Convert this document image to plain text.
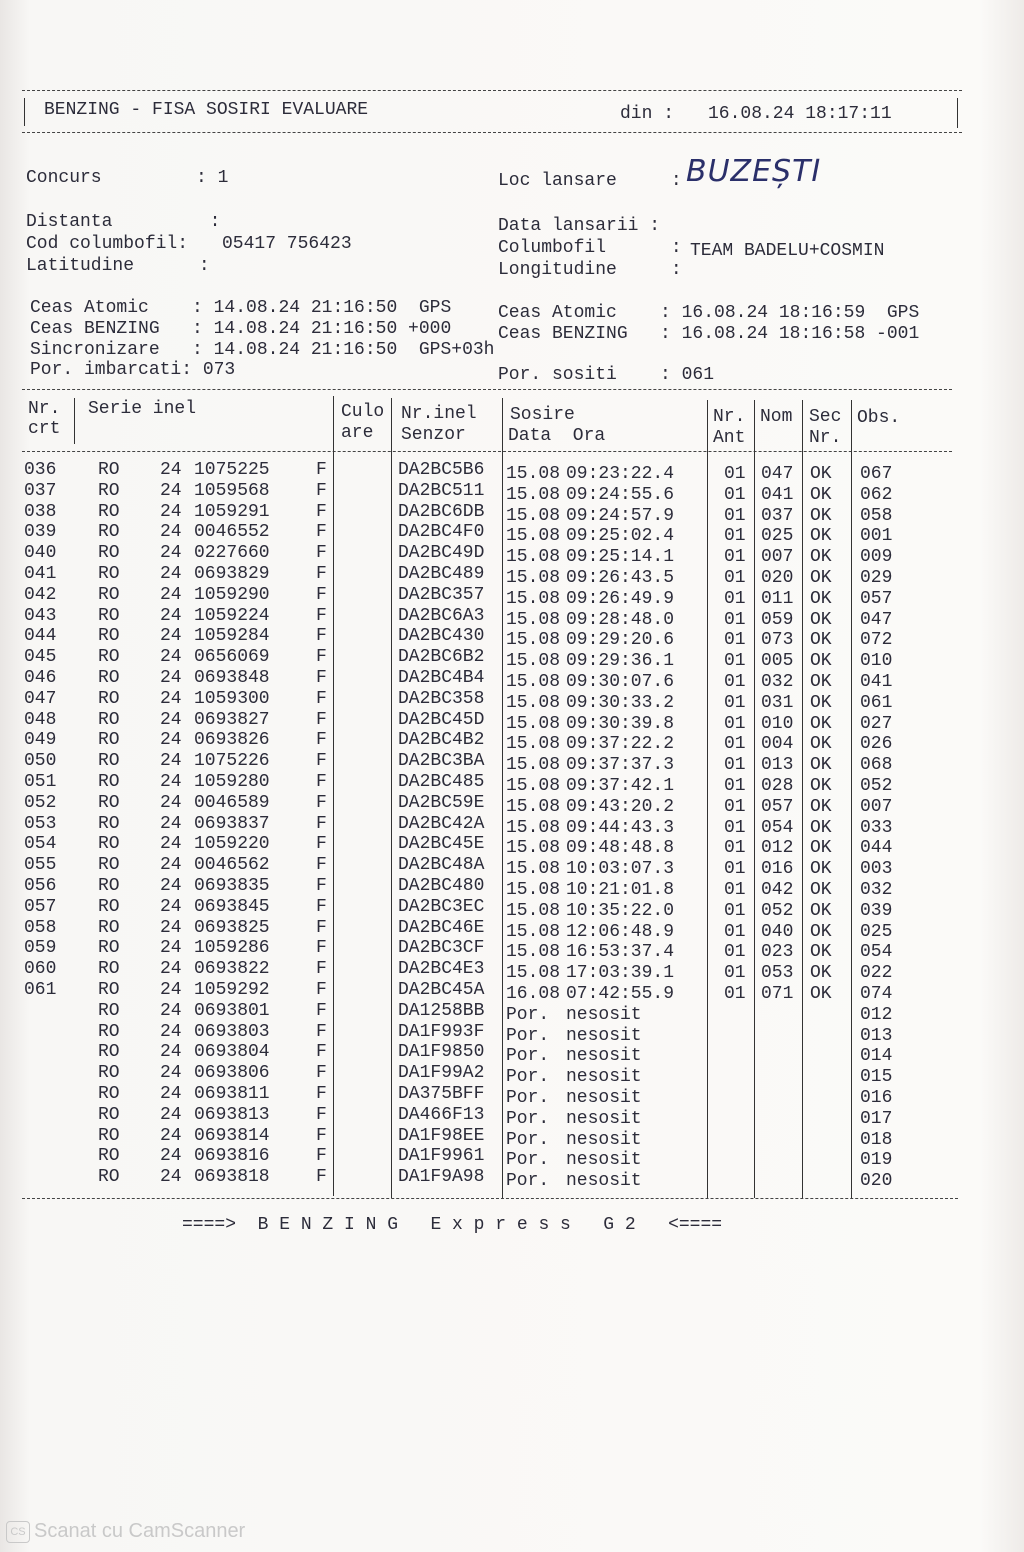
BENZING - FISA SOSIRI EVALUARE	din : 16.08.24 18:17:11
Concurs	: 1
Distanta         :
Cod columbofil: 05417 756423
Latitudine      :
Loc lansare     : BUZEȘTI
Data lansarii :
Columbofil      : TEAM BADELU+COSMIN
Longitudine     :
Ceas Atomic    : 14.08.24 21:16:50  GPS
Ceas BENZING   : 14.08.24 21:16:50 +000
Sincronizare   : 14.08.24 21:16:50  GPS+03h
Por. imbarcati: 073
Ceas Atomic    : 16.08.24 18:16:59  GPS
Ceas BENZING   : 16.08.24 18:16:58 -001
Por. sositi    : 061
Nr.
crt
Serie inel	Culo
are
Nr.inel
Senzor
Sosire
Data  Ora
Nr.
Ant
Nom Sec
Nr.
Obs.
036 RO 24 1075225	F	DA2BC5B6 15.08 09:23:22.4	01 047 OK 067
037 RO 24 1059568	F	DA2BC511 15.08 09:24:55.6	01 041 OK 062
038 RO 24 1059291	F	DA2BC6DB 15.08 09:24:57.9	01 037 OK 058
039 RO 24 0046552	F	DA2BC4F0 15.08 09:25:02.4	01 025 OK 001
040 RO 24 0227660	F	DA2BC49D 15.08 09:25:14.1	01 007 OK 009
041 RO 24 0693829	F	DA2BC489 15.08 09:26:43.5	01 020 OK 029
042 RO 24 1059290	F	DA2BC357 15.08 09:26:49.9	01 011 OK 057
043 RO 24 1059224	F	DA2BC6A3 15.08 09:28:48.0	01 059 OK 047
044 RO 24 1059284	F	DA2BC430 15.08 09:29:20.6	01 073 OK 072
045 RO 24 0656069	F	DA2BC6B2 15.08 09:29:36.1	01 005 OK 010
046 RO 24 0693848	F	DA2BC4B4 15.08 09:30:07.6	01 032 OK 041
047 RO 24 1059300	F	DA2BC358 15.08 09:30:33.2	01 031 OK 061
048 RO 24 0693827	F	DA2BC45D 15.08 09:30:39.8	01 010 OK 027
049 RO 24 0693826	F	DA2BC4B2 15.08 09:37:22.2	01 004 OK 026
050 RO 24 1075226	F	DA2BC3BA 15.08 09:37:37.3	01 013 OK 068
051 RO 24 1059280	F	DA2BC485 15.08 09:37:42.1	01 028 OK 052
052 RO 24 0046589	F	DA2BC59E 15.08 09:43:20.2	01 057 OK 007
053 RO 24 0693837	F	DA2BC42A 15.08 09:44:43.3	01 054 OK 033
054 RO 24 1059220	F	DA2BC45E 15.08 09:48:48.8	01 012 OK 044
055 RO 24 0046562	F	DA2BC48A 15.08 10:03:07.3	01 016 OK 003
056 RO 24 0693835	F	DA2BC480 15.08 10:21:01.8	01 042 OK 032
057 RO 24 0693845	F	DA2BC3EC 15.08 10:35:22.0	01 052 OK 039
058 RO 24 0693825	F	DA2BC46E 15.08 12:06:48.9	01 040 OK 025
059 RO 24 1059286	F	DA2BC3CF 15.08 16:53:37.4	01 023 OK 054
060 RO 24 0693822	F	DA2BC4E3 15.08 17:03:39.1	01 053 OK 022
061 RO 24 1059292	F	DA2BC45A 16.08 07:42:55.9	01 071 OK 074
RO 24 0693801	F	DA1258BB Por. nesosit	012
RO 24 0693803	F	DA1F993F Por. nesosit	013
RO 24 0693804	F	DA1F9850 Por. nesosit	014
RO 24 0693806	F	DA1F99A2 Por. nesosit	015
RO 24 0693811	F	DA375BFF Por. nesosit	016
RO 24 0693813	F	DA466F13 Por. nesosit	017
RO 24 0693814	F	DA1F98EE Por. nesosit	018
RO 24 0693816	F	DA1F9961 Por. nesosit	019
RO 24 0693818	F	DA1F9A98 Por. nesosit	020
====>  B E N Z I N G   E x p r e s s   G 2   <====
CS Scanat cu CamScanner
